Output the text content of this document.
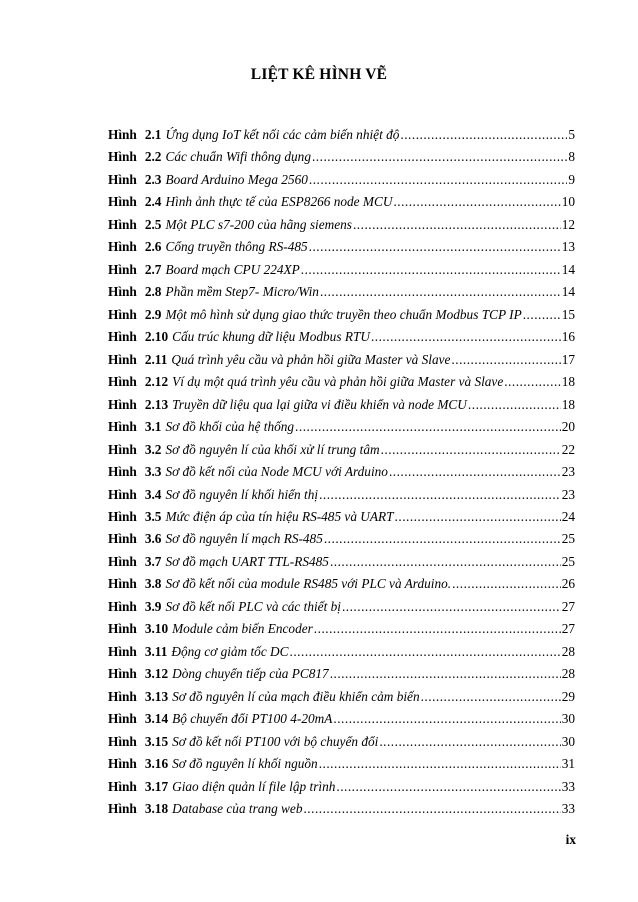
LIỆT KÊ HÌNH VẼ
Hình 2.1 Ứng dụng IoT kết nối các cảm biến nhiệt độ .....	5
Hình 2.2 Các chuẩn Wifi thông dụng .....	8
Hình 2.3 Board Arduino Mega 2560 .....	9
Hình 2.4 Hình ảnh thực tế của ESP8266 node MCU .....	10
Hình 2.5 Một PLC s7-200 của hãng siemens .....	12
Hình 2.6 Cổng truyền thông RS-485 .....	13
Hình 2.7 Board mạch CPU 224XP .....	14
Hình 2.8 Phần mềm Step7- Micro/Win .....	14
Hình 2.9 Một mô hình sử dụng giao thức truyền theo chuẩn Modbus TCP IP .....	15
Hình 2.10 Cấu trúc khung dữ liệu Modbus RTU .....	16
Hình 2.11 Quá trình yêu cầu và phản hồi giữa Master và Slave .....	17
Hình 2.12 Ví dụ một quá trình yêu cầu và phản hồi giữa Master và Slave .....	18
Hình 2.13 Truyền dữ liệu qua lại giữa vi điều khiển và node MCU .....	18
Hình 3.1 Sơ đồ khối của hệ thống .....	20
Hình 3.2 Sơ đồ nguyên lí của khối xử lí trung tâm .....	22
Hình 3.3 Sơ đồ kết nối của Node MCU với Arduino .....	23
Hình 3.4 Sơ đồ nguyên lí khối hiển thị .....	23
Hình 3.5 Mức điện áp của tín hiệu RS-485 và UART .....	24
Hình 3.6 Sơ đồ nguyên lí mạch RS-485 .....	25
Hình 3.7 Sơ đồ mạch UART TTL-RS485 .....	25
Hình 3.8 Sơ đồ kết nối của module RS485 với PLC và Arduino. .....	26
Hình 3.9 Sơ đồ kết nối PLC và các thiết bị .....	27
Hình 3.10 Module cảm biến Encoder .....	27
Hình 3.11 Động cơ giảm tốc DC .....	28
Hình 3.12 Dòng chuyển tiếp của PC817 .....	28
Hình 3.13 Sơ đồ nguyên lí của mạch điều khiển cảm biến .....	29
Hình 3.14 Bộ chuyển đổi PT100 4-20mA .....	30
Hình 3.15 Sơ đồ kết nối PT100 với bộ chuyển đổi .....	30
Hình 3.16 Sơ đồ nguyên lí khối nguồn .....	31
Hình 3.17 Giao diện quản lí file lập trình .....	33
Hình 3.18 Database của trang web .....	33
ix
